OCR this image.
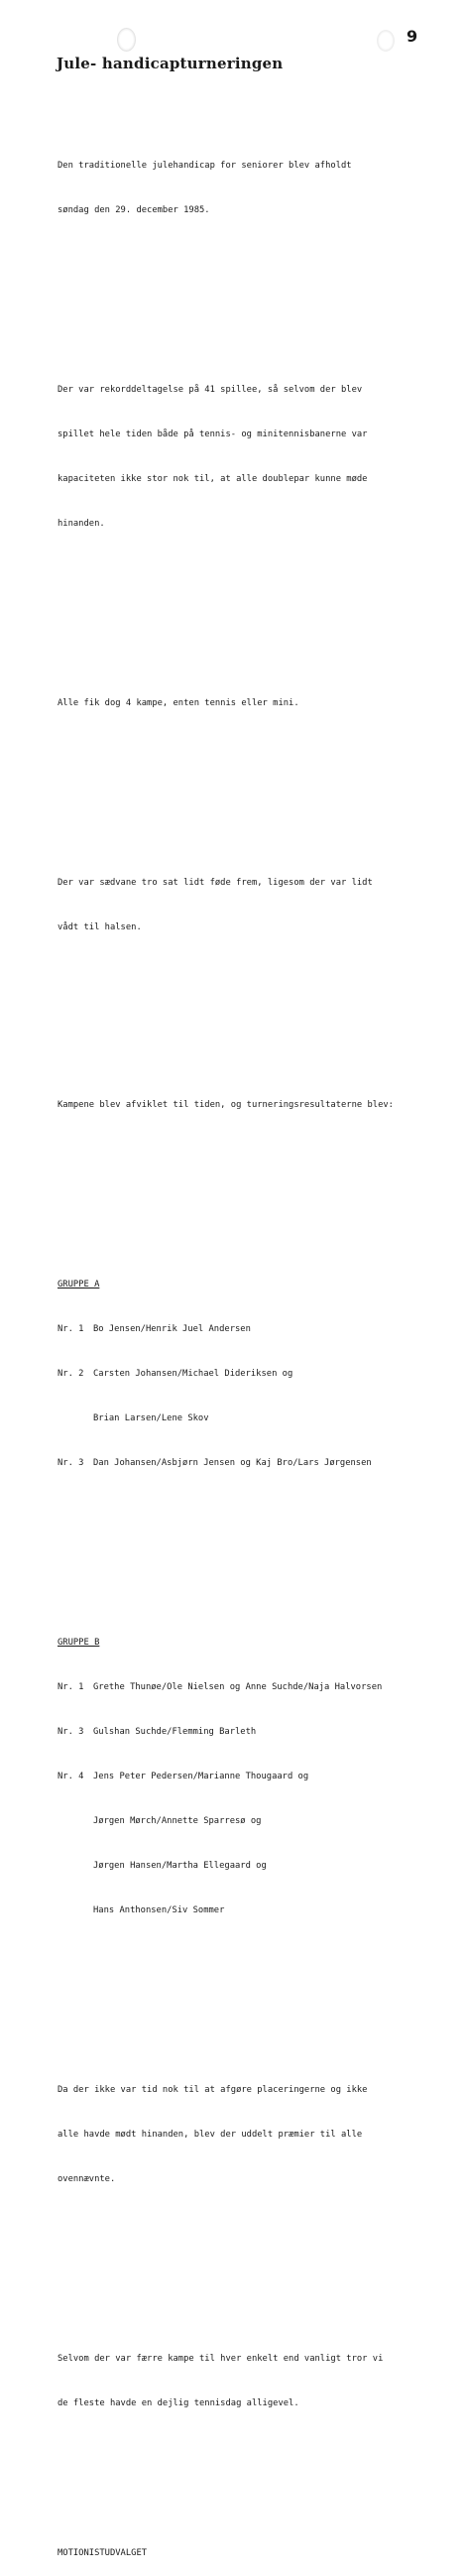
9
Jule- handicapturneringen

Den traditionelle julehandicap for seniorer blev afholdt

søndag den 29. december 1985.

Der var rekorddeltagelse på 41 spillee, så selvom der blev

spillet hele tiden både på tennis- og minitennisbanerne var

kapaciteten ikke stor nok til, at alle doublepar kunne møde

hinanden.

Alle fik dog 4 kampe, enten tennis eller mini.

Der var sædvane tro sat lidt føde frem, ligesom der var lidt

vådt til halsen.

Kampene blev afviklet til tiden, og turneringsresultaterne blev:

GRUPPE A

Nr. 1	Bo Jensen/Henrik Juel Andersen

Nr. 2	Carsten Johansen/Michael Dideriksen og

Brian Larsen/Lene Skov

Nr. 3	Dan Johansen/Asbjørn Jensen og Kaj Bro/Lars Jørgensen

GRUPPE B

Nr. 1	Grethe Thunøe/Ole Nielsen og Anne Suchde/Naja Halvorsen

Nr. 3	Gulshan Suchde/Flemming Barleth

Nr. 4	Jens Peter Pedersen/Marianne Thougaard og

Jørgen Mørch/Annette Sparresø og

Jørgen Hansen/Martha Ellegaard og

Hans Anthonsen/Siv Sommer

Da der ikke var tid nok til at afgøre placeringerne og ikke

alle havde mødt hinanden, blev der uddelt præmier til alle

ovennævnte.

Selvom der var færre kampe til hver enkelt end vanligt tror vi

de fleste havde en dejlig tennisdag alligevel.

MOTIONISTUDVALGET
